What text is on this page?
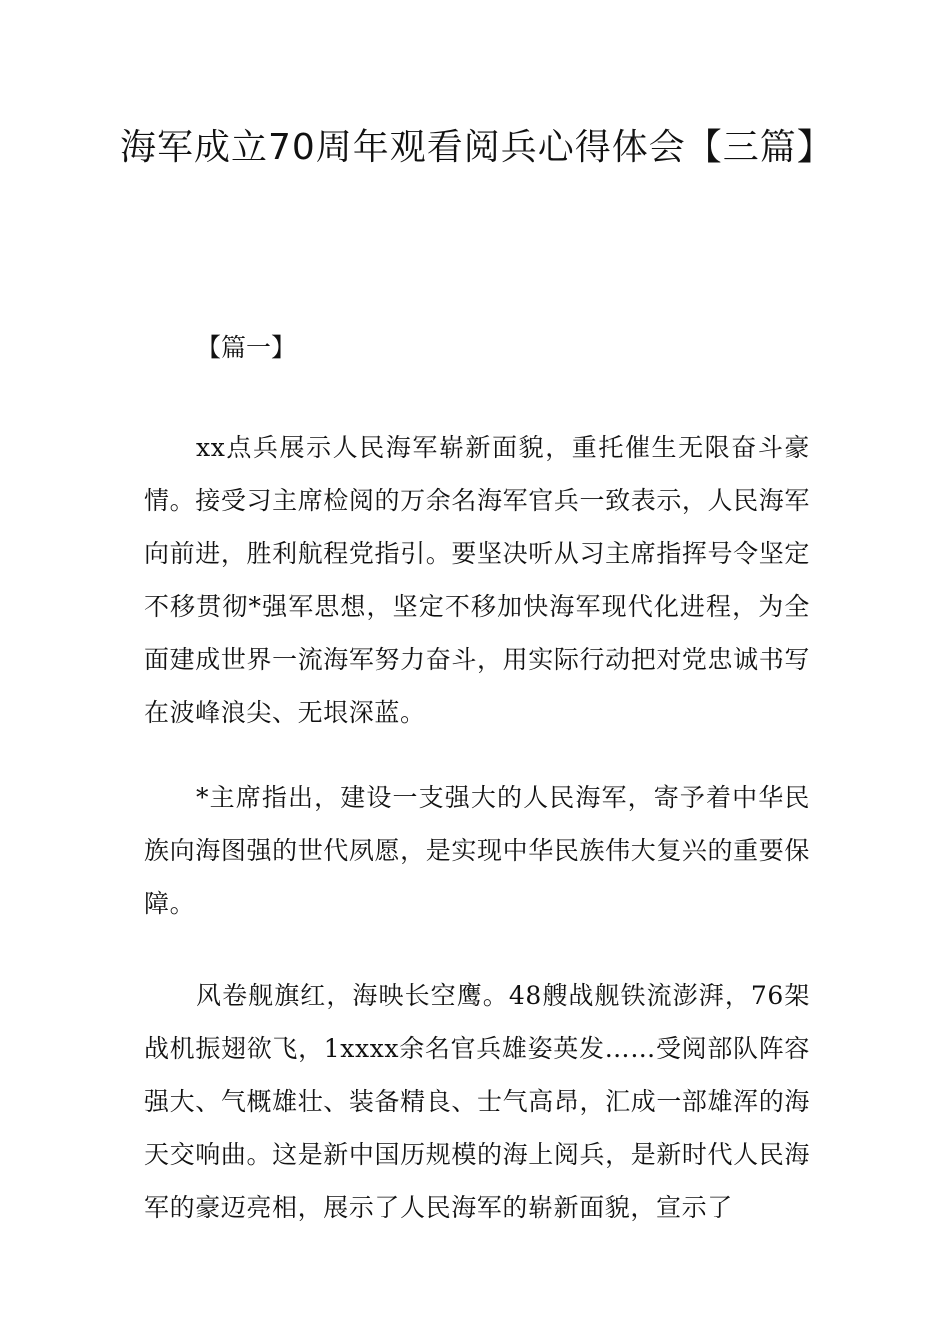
海军成立70周年观看阅兵心得体会【三篇】
【篇一】
xx点兵展示人民海军崭新面貌，重托催生无限奋斗豪情。接受习主席检阅的万余名海军官兵一致表示，人民海军向前进，胜利航程党指引。要坚决听从习主席指挥号令坚定不移贯彻*强军思想，坚定不移加快海军现代化进程，为全面建成世界一流海军努力奋斗，用实际行动把对党忠诚书写在波峰浪尖、无垠深蓝。
*主席指出，建设一支强大的人民海军，寄予着中华民族向海图强的世代夙愿，是实现中华民族伟大复兴的重要保障。
风卷舰旗红，海映长空鹰。48艘战舰铁流澎湃，76架战机振翅欲飞，1xxxx余名官兵雄姿英发……受阅部队阵容强大、气概雄壮、装备精良、士气高昂，汇成一部雄浑的海天交响曲。这是新中国历规模的海上阅兵，是新时代人民海军的豪迈亮相，展示了人民海军的崭新面貌，宣示了
